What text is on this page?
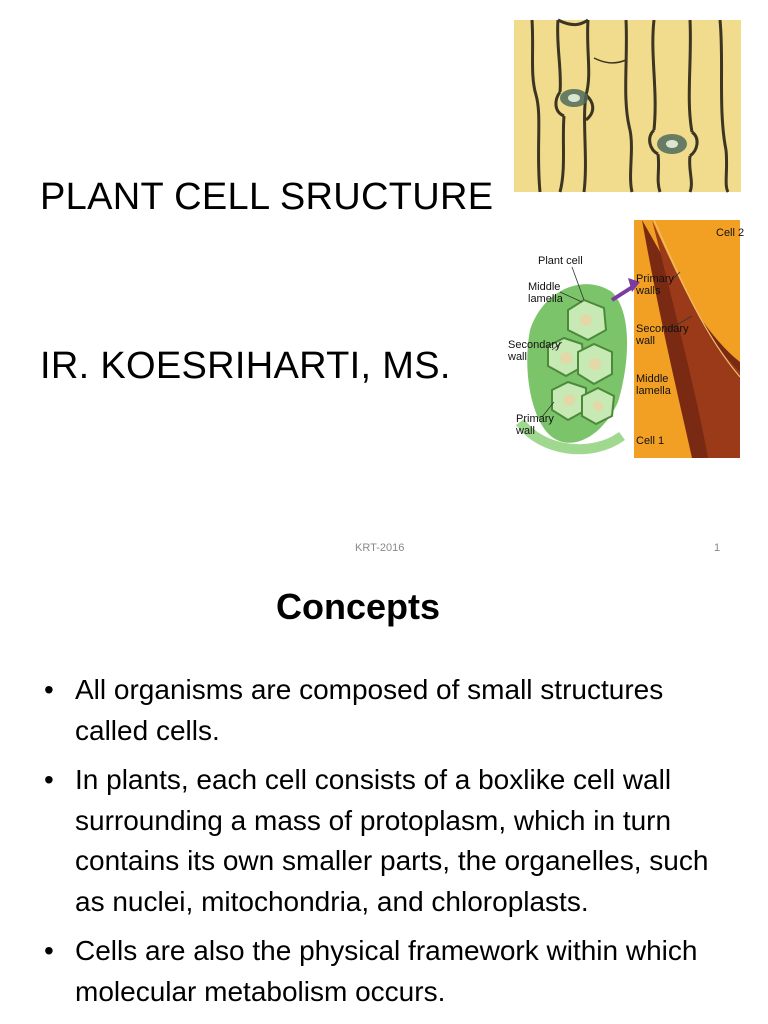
PLANT CELL SRUCTURE
IR. KOESRIHARTI, MS.
Plant cell
Middle lamella
Secondary wall
Primary wall
Cell 2
Primary walls
Secondary wall
Middle lamella
Cell 1
KRT-2016	1
Concepts
• All organisms are composed of small structures called cells.
• In plants, each cell consists of a boxlike cell wall surrounding a mass of protoplasm, which in turn contains its own smaller parts, the organelles, such as nuclei, mitochondria, and chloroplasts.
• Cells are also the physical framework within which molecular metabolism occurs.
